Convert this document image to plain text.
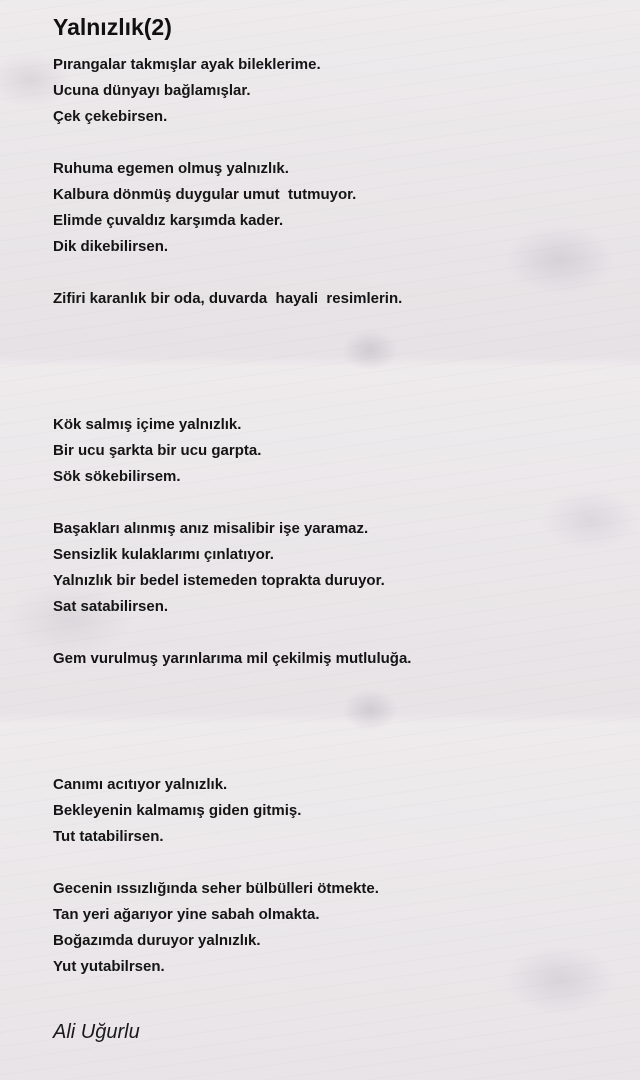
Yalnızlık(2)
Pırangalar takmışlar ayak bileklerime.
Ucuna dünyayı bağlamışlar.
Çek çekebirsen.
Ruhuma egemen olmuş yalnızlık.
Kalbura dönmüş duygular umut  tutmuyor.
Elimde çuvaldız karşımda kader.
Dik dikebilirsen.
Zifiri karanlık bir oda, duvarda  hayali  resimlerin.
Kök salmış içime yalnızlık.
Bir ucu şarkta bir ucu garpta.
Sök sökebilirsem.
Başakları alınmış anız misalibir işe yaramaz.
Sensizlik kulaklarımı çınlatıyor.
Yalnızlık bir bedel istemeden toprakta duruyor.
Sat satabilirsen.
Gem vurulmuş yarınlarıma mil çekilmiş mutluluğa.
Canımı acıtıyor yalnızlık.
Bekleyenin kalmamış giden gitmiş.
Tut tatabilirsen.
Gecenin ıssızlığında seher bülbülleri ötmekte.
Tan yeri ağarıyor yine sabah olmakta.
Boğazımda duruyor yalnızlık.
Yut yutabilrsen.
Ali Uğurlu
